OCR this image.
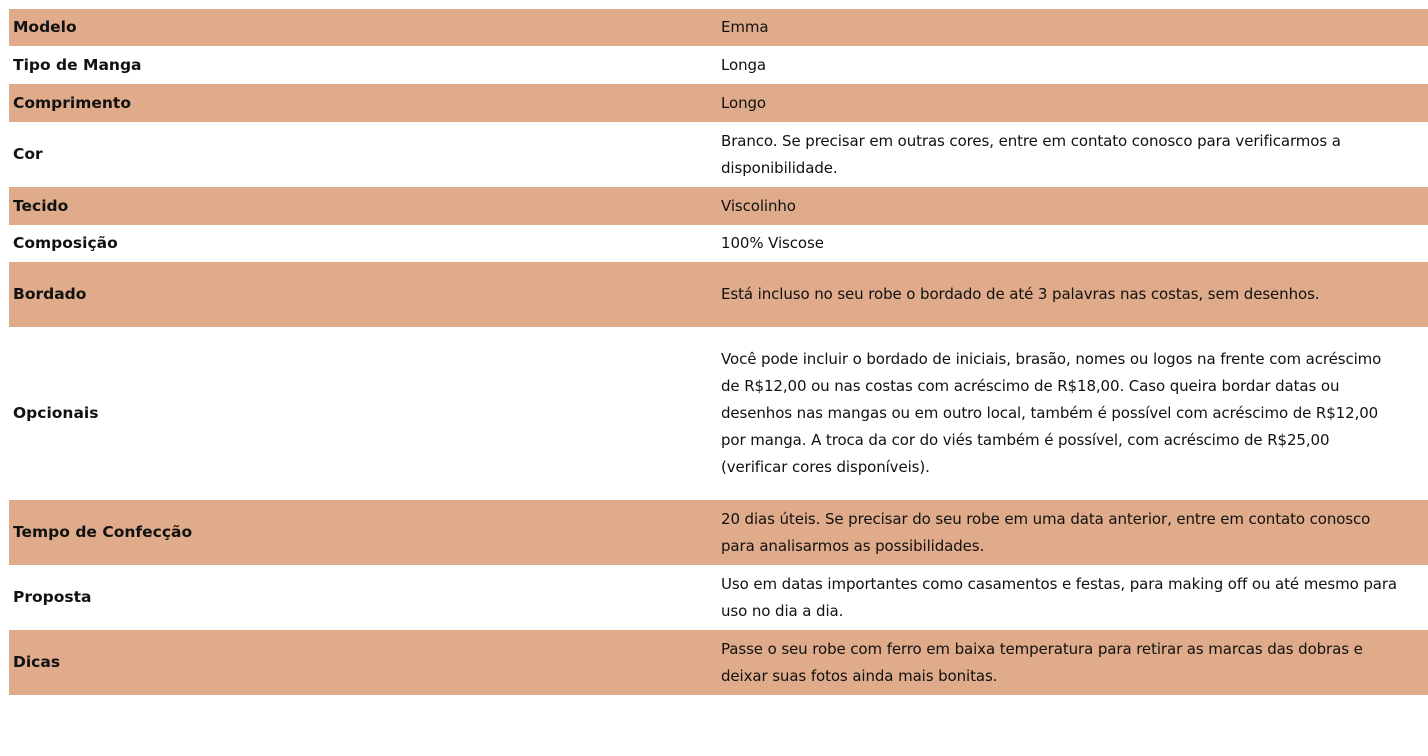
Modelo	Emma
Tipo de Manga	Longa
Comprimento	Longo
Cor	Branco. Se precisar em outras cores, entre em contato conosco para verificarmos a disponibilidade.
Tecido	Viscolinho
Composição	100% Viscose
Bordado	Está incluso no seu robe o bordado de até 3 palavras nas costas, sem desenhos.
Opcionais	Você pode incluir o bordado de iniciais, brasão, nomes ou logos na frente com acréscimo de R$12,00 ou nas costas com acréscimo de R$18,00. Caso queira bordar datas ou desenhos nas mangas ou em outro local, também é possível com acréscimo de R$12,00 por manga. A troca da cor do viés também é possível, com acréscimo de R$25,00 (verificar cores disponíveis).
Tempo de Confecção	20 dias úteis. Se precisar do seu robe em uma data anterior, entre em contato conosco para analisarmos as possibilidades.
Proposta	Uso em datas importantes como casamentos e festas, para making off ou até mesmo para uso no dia a dia.
Dicas	Passe o seu robe com ferro em baixa temperatura para retirar as marcas das dobras e deixar suas fotos ainda mais bonitas.
